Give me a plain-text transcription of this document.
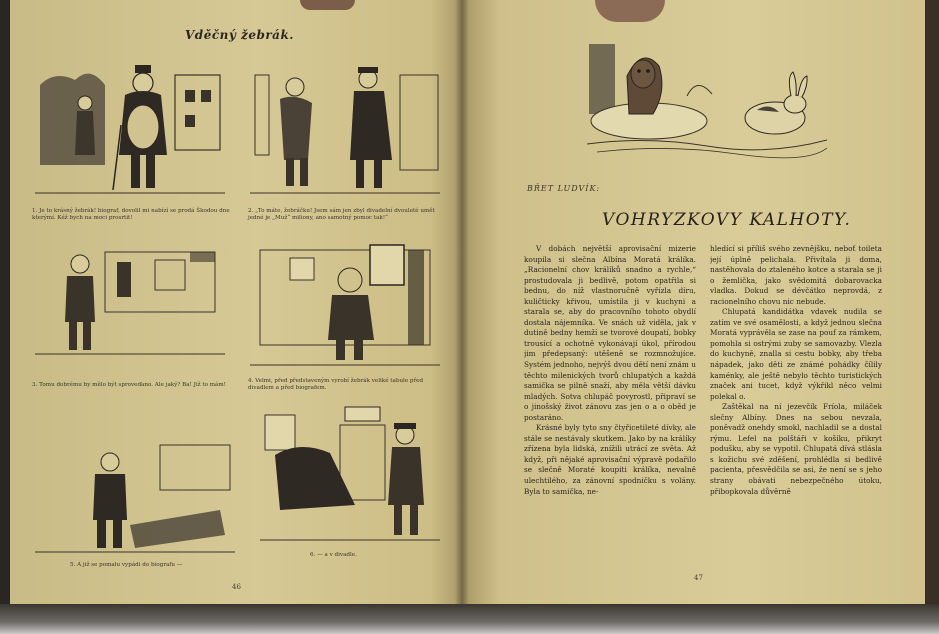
Vděčný žebrák.
1. Je to krásný žebrák! biograf, dovolil mi nabízí se prodá Škodou dne kterýmí. Kéž bych na moci prosrtit!
2. „To máte, žebráčku! Jsem sám jen zbyl divadelní dvouleté umět jedné je „Muž“ miliony, ano samotný pomoc tak!“
3. Tomu dobrému by mělo být sproveďano. Ale jaký? Ba! Již to mám!
4. Velmi, před představeným vyrobí žebrák veliké tabule před divadlem a před biografem.
5. A již se pomalu vypádi do biografu —
6. — a v divadle.
46
BŘET LUDVÍK:
VOHRYZKOVY KALHOTY.

V dobách největší aprovisační mizerie koupila si slečna Albína Moratá králíka. „Racionelní chov králíků snadno a rychle,“ prostudovala ji bedlivě, potom opatřila si bednu, do níž vlastnoručně vyřízla díru, kuličticky křivou, umístila ji v kuchyni a starala se, aby do pracovního tohoto obydlí dostala nájemníka. Ve snách už viděla, jak v dutině bedny hemží se tvorové doupatí, bobky trousící a ochotně vykonávají úkol, přírodou jim předepsaný: utěšeně se rozmnožujíce. Systém jednoho, nejvýš dvou dětí není znám u těchto milenických tvorů chlupatých a každá samička se pilně snaží, aby měla větší dávku mladých. Sotva chlupáč povyrostl, připraví se o jinošský život zánovu zas jen o a o oběd je postaráno.

Krásné byly tyto sny čtyřicetileté dívky, ale stále se nestávaly skutkem. Jako by na králíky zřízena byla lidská, znížili utrácí ze světa. Až když, při nějaké aprovisační výpravě podařilo se slečně Moraté koupiti králíka, nevalně ulechtilého, za zánovní spodničku s volány. Byla to samička, ne-

hledící si příliš svého zevnějšku, neboť toileta její úplně pelichala. Přivítala ji doma, nastěhovala do ztaleného kotce a starala se ji o žemlička, jako svědomitá dobarovacka vladka. Dokud se dévčátko neprovdá, z racionelního chovu nic nebude.

Chlupatá kandidátka vdavek nudila se zatím ve své osamělosti, a když jednou slečna Moratá vyprávěla se zase na pouf za rámkem, pomohla si ostrými zuby se samovazby. Vlezla do kuchyně, znalla si cestu bobky, aby třeba nápadek, jako děti ze známé pohádky čílily kaménky, ale ještě nebylo těchto turistických značek ani tucet, když výkřikl něco velmi polekal o.

Zaštěkal na ní jezevčík Fríola, miláček slečny Albíny. Dnes na sebou nevzala, poněvadž onehdy smokl, nachladil se a dostal rýmu. Lefel na polštáři v košíku, přikryt podušku, aby se vypotil. Chlupatá dívá stlásla s kožichu své zděšení, prohlédla si bedlivě pacienta, přesvědčila se asi, že není se s jeho strany obávati nebezpečného útoku, přibopkovala důvěrně

47
